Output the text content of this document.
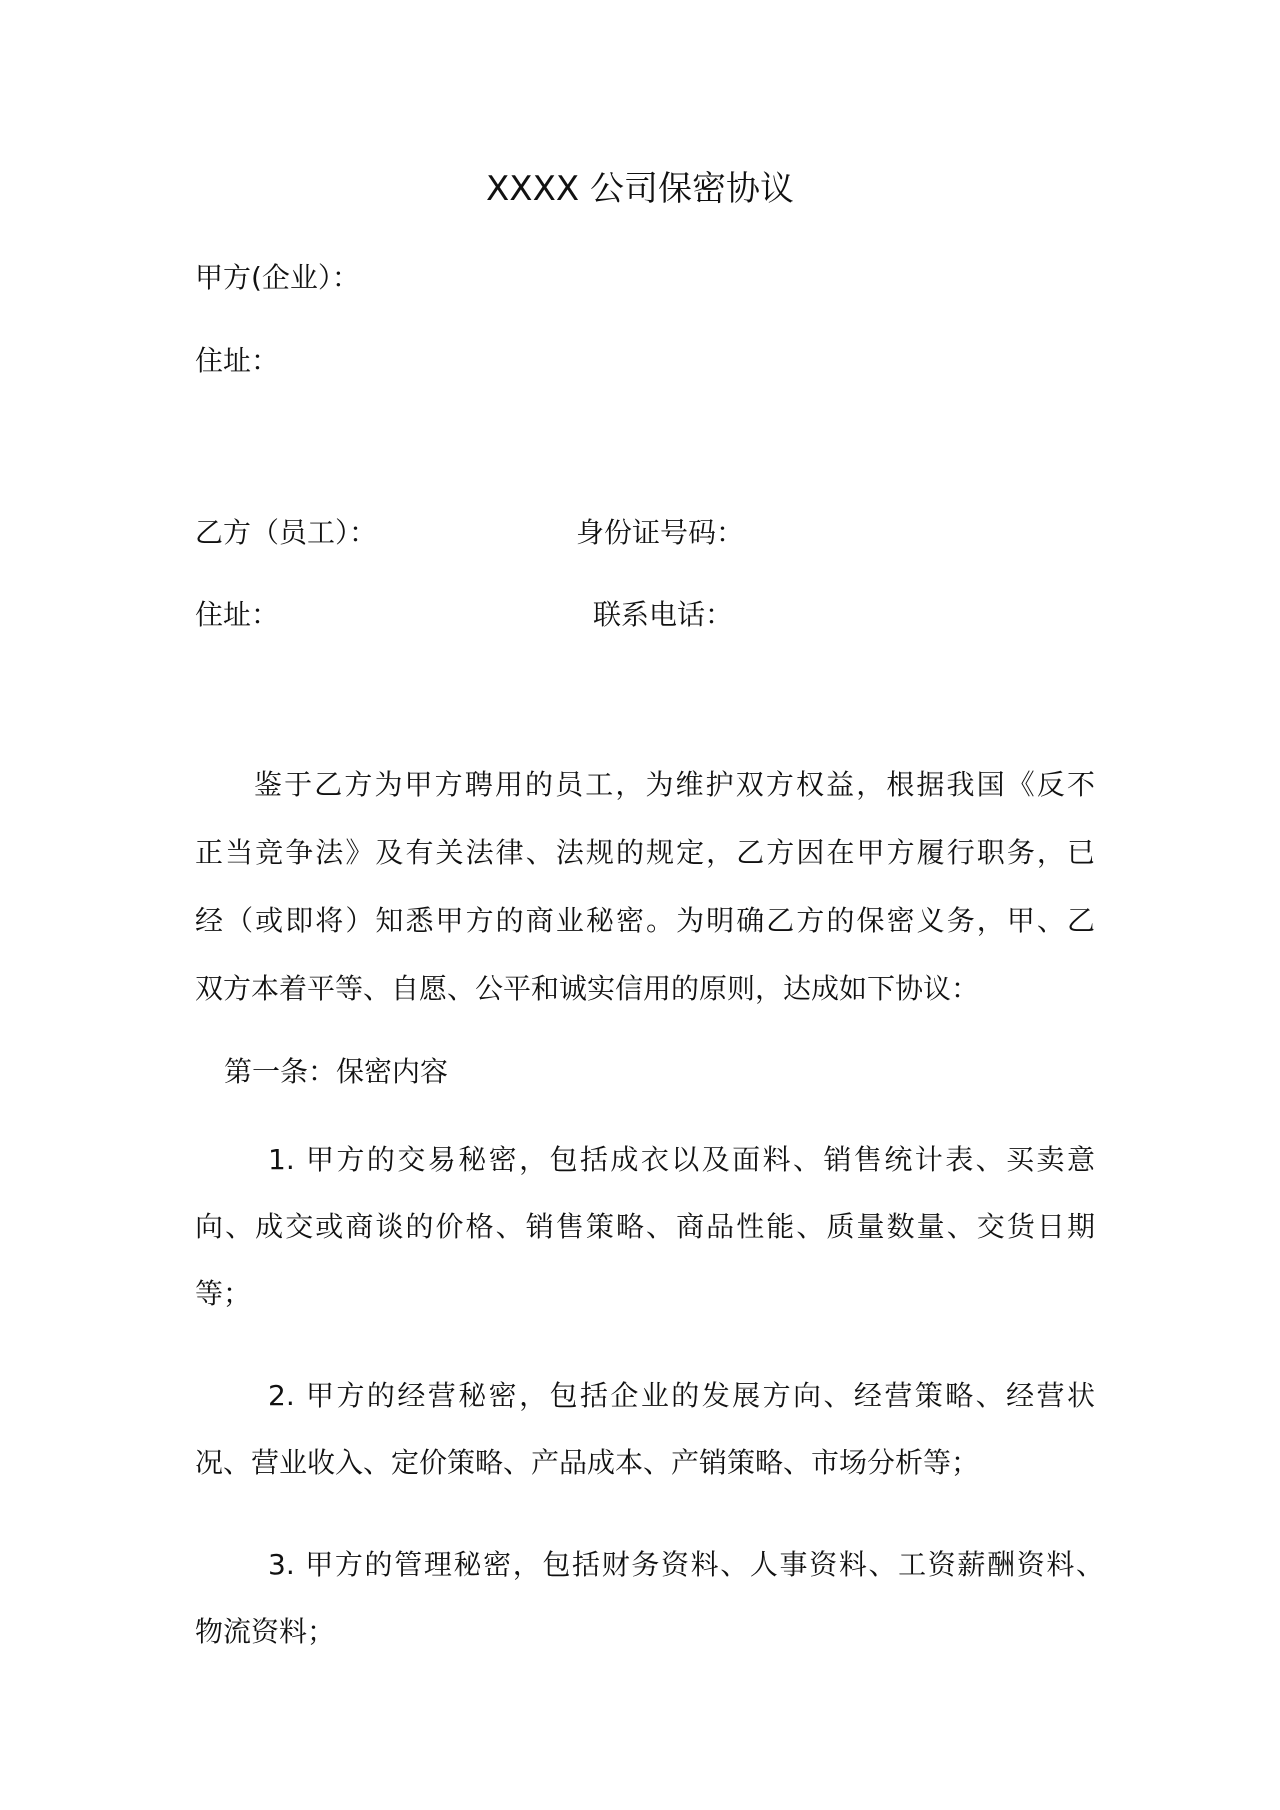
XXXX 公司保密协议
甲方(企业）：
住址：
乙方（员工）：	身份证号码：
住址：	联系电话：
鉴于乙方为甲方聘用的员工，为维护双方权益，根据我国《反不
正当竞争法》及有关法律、法规的规定，乙方因在甲方履行职务，已
经（或即将）知悉甲方的商业秘密。为明确乙方的保密义务，甲、乙
双方本着平等、自愿、公平和诚实信用的原则，达成如下协议：
第一条：保密内容
1. 甲方的交易秘密，包括成衣以及面料、销售统计表、买卖意
向、成交或商谈的价格、销售策略、商品性能、质量数量、交货日期
等；
2. 甲方的经营秘密，包括企业的发展方向、经营策略、经营状
况、营业收入、定价策略、产品成本、产销策略、市场分析等；
3. 甲方的管理秘密，包括财务资料、人事资料、工资薪酬资料、
物流资料；
